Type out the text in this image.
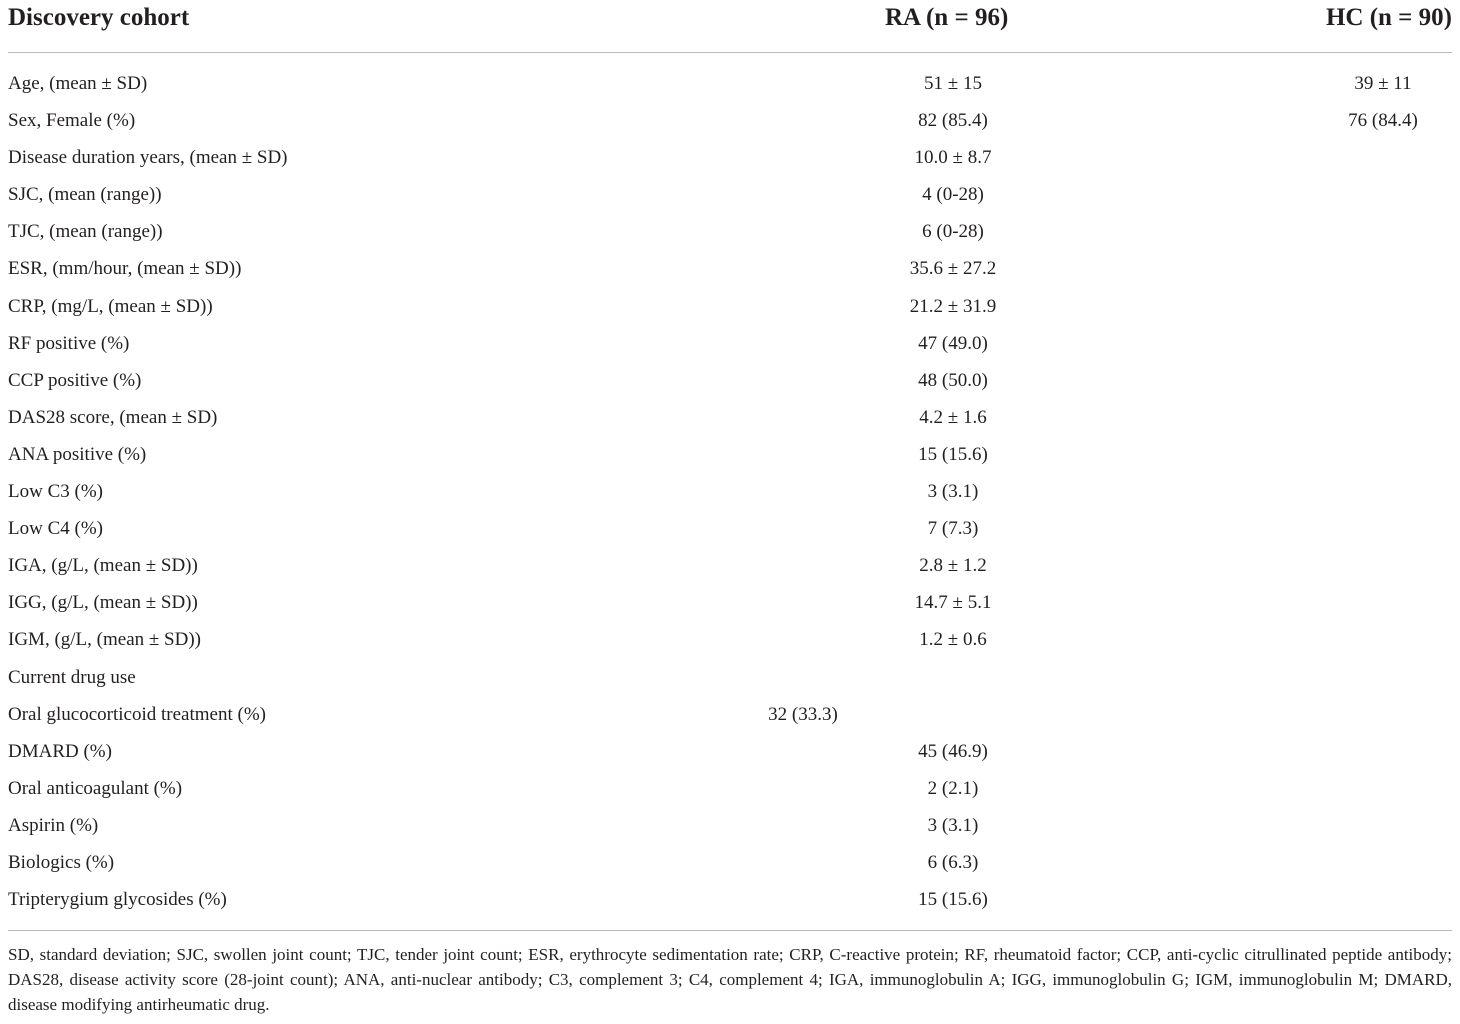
Discovery cohort	RA (n = 96)	HC (n = 90)
Age, (mean ± SD)	51 ± 15	39 ± 11
Sex, Female (%)	82 (85.4)	76 (84.4)
Disease duration years, (mean ± SD)	10.0 ± 8.7
SJC, (mean (range))	4 (0-28)
TJC, (mean (range))	6 (0-28)
ESR, (mm/hour, (mean ± SD))	35.6 ± 27.2
CRP, (mg/L, (mean ± SD))	21.2 ± 31.9
RF positive (%)	47 (49.0)
CCP positive (%)	48 (50.0)
DAS28 score, (mean ± SD)	4.2 ± 1.6
ANA positive (%)	15 (15.6)
Low C3 (%)	3 (3.1)
Low C4 (%)	7 (7.3)
IGA, (g/L, (mean ± SD))	2.8 ± 1.2
IGG, (g/L, (mean ± SD))	14.7 ± 5.1
IGM, (g/L, (mean ± SD))	1.2 ± 0.6
Current drug use
Oral glucocorticoid treatment (%)	32 (33.3)
DMARD (%)	45 (46.9)
Oral anticoagulant (%)	2 (2.1)
Aspirin (%)	3 (3.1)
Biologics (%)	6 (6.3)
Tripterygium glycosides (%)	15 (15.6)
SD, standard deviation; SJC, swollen joint count; TJC, tender joint count; ESR, erythrocyte sedimentation rate; CRP, C-reactive protein; RF, rheumatoid factor; CCP, anti-cyclic citrullinated peptide antibody; DAS28, disease activity score (28-joint count); ANA, anti-nuclear antibody; C3, complement 3; C4, complement 4; IGA, immunoglobulin A; IGG, immunoglobulin G; IGM, immunoglobulin M; DMARD, disease modifying antirheumatic drug.
